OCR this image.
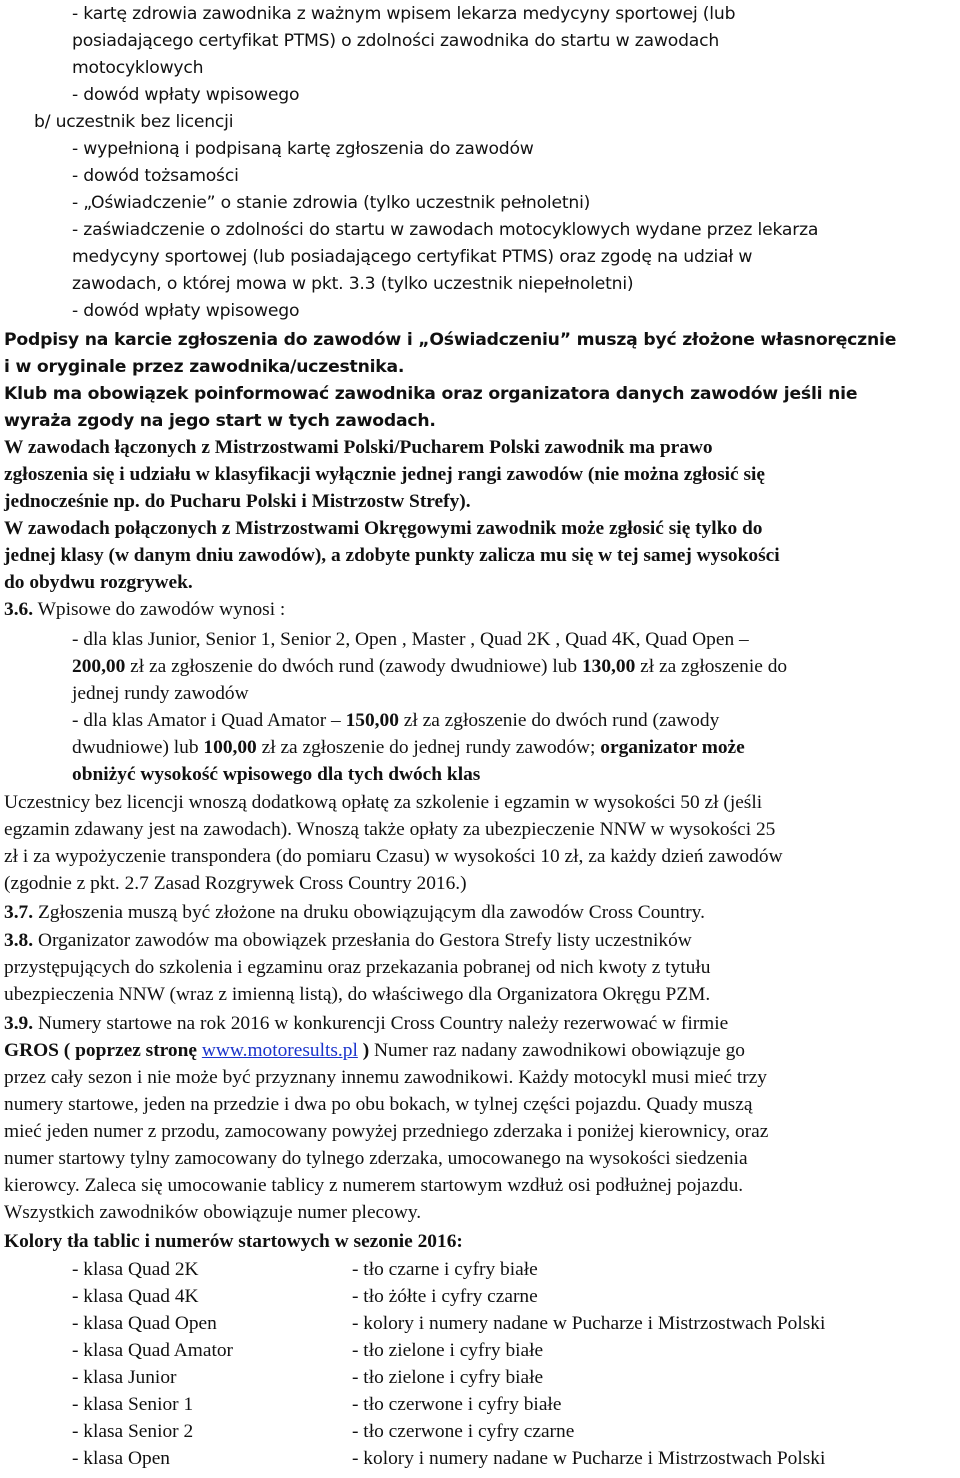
- kartę zdrowia zawodnika z ważnym wpisem lekarza medycyny sportowej (lub
posiadającego certyfikat PTMS) o zdolności zawodnika do startu w zawodach
motocyklowych
- dowód wpłaty wpisowego
b/ uczestnik bez licencji
- wypełnioną i podpisaną kartę zgłoszenia do zawodów
- dowód tożsamości
- „Oświadczenie” o stanie zdrowia (tylko uczestnik pełnoletni)
- zaświadczenie o zdolności do startu w zawodach motocyklowych wydane przez lekarza
medycyny sportowej (lub posiadającego certyfikat PTMS) oraz zgodę na udział w
zawodach, o której mowa w pkt. 3.3 (tylko uczestnik niepełnoletni)
- dowód wpłaty wpisowego
Podpisy na karcie zgłoszenia do zawodów i „Oświadczeniu” muszą być złożone własnoręcznie
i w oryginale przez zawodnika/uczestnika.
Klub ma obowiązek poinformować zawodnika oraz organizatora danych zawodów jeśli nie
wyraża zgody na jego start w tych zawodach.
W zawodach łączonych z Mistrzostwami Polski/Pucharem Polski zawodnik ma prawo
zgłoszenia się i udziału w klasyfikacji wyłącznie jednej rangi zawodów (nie można zgłosić się
jednocześnie np. do Pucharu Polski i Mistrzostw Strefy).
W zawodach połączonych z Mistrzostwami Okręgowymi zawodnik może zgłosić się tylko do
jednej klasy (w danym dniu zawodów), a zdobyte punkty zalicza mu się w tej samej wysokości
do obydwu rozgrywek.
3.6. Wpisowe do zawodów wynosi :
- dla klas Junior, Senior 1, Senior 2, Open , Master , Quad 2K , Quad 4K, Quad Open –
200,00 zł za zgłoszenie do dwóch rund (zawody dwudniowe) lub 130,00 zł za zgłoszenie do
jednej rundy zawodów
- dla klas Amator i Quad Amator – 150,00 zł za zgłoszenie do dwóch rund (zawody
dwudniowe) lub 100,00 zł za zgłoszenie do jednej rundy zawodów; organizator może
obniżyć wysokość wpisowego dla tych dwóch klas
Uczestnicy bez licencji wnoszą dodatkową opłatę za szkolenie i egzamin w wysokości 50 zł (jeśli
egzamin zdawany jest na zawodach). Wnoszą także opłaty za ubezpieczenie NNW w wysokości 25
zł i za wypożyczenie transpondera (do pomiaru Czasu) w wysokości 10 zł, za każdy dzień zawodów
(zgodnie z pkt. 2.7 Zasad Rozgrywek Cross Country 2016.)
3.7. Zgłoszenia muszą być złożone na druku obowiązującym dla zawodów Cross Country.
3.8. Organizator zawodów ma obowiązek przesłania do Gestora Strefy listy uczestników
przystępujących do szkolenia i egzaminu oraz przekazania pobranej od nich kwoty z tytułu
ubezpieczenia NNW (wraz z imienną listą), do właściwego dla Organizatora Okręgu PZM.
3.9. Numery startowe na rok 2016 w konkurencji Cross Country należy rezerwować w firmie
GROS ( poprzez stronę www.motoresults.pl ) Numer raz nadany zawodnikowi obowiązuje go
przez cały sezon i nie może być przyznany innemu zawodnikowi. Każdy motocykl musi mieć trzy
numery startowe, jeden na przedzie i dwa po obu bokach, w tylnej części pojazdu. Quady muszą
mieć jeden numer z przodu, zamocowany powyżej przedniego zderzaka i poniżej kierownicy, oraz
numer startowy tylny zamocowany do tylnego zderzaka, umocowanego na wysokości siedzenia
kierowcy. Zaleca się umocowanie tablicy z numerem startowym wzdłuż osi podłużnej pojazdu.
Wszystkich zawodników obowiązuje numer plecowy.
Kolory tła tablic i numerów startowych w sezonie 2016:
- klasa Quad 2K	- tło czarne i cyfry białe
- klasa Quad 4K	- tło żółte i cyfry czarne
- klasa Quad Open	- kolory i numery nadane w Pucharze i Mistrzostwach Polski
- klasa Quad Amator	- tło zielone i cyfry białe
- klasa Junior	- tło zielone i cyfry białe
- klasa Senior 1	- tło czerwone i cyfry białe
- klasa Senior 2	- tło czerwone i cyfry czarne
- klasa Open	- kolory i numery nadane w Pucharze i Mistrzostwach Polski
